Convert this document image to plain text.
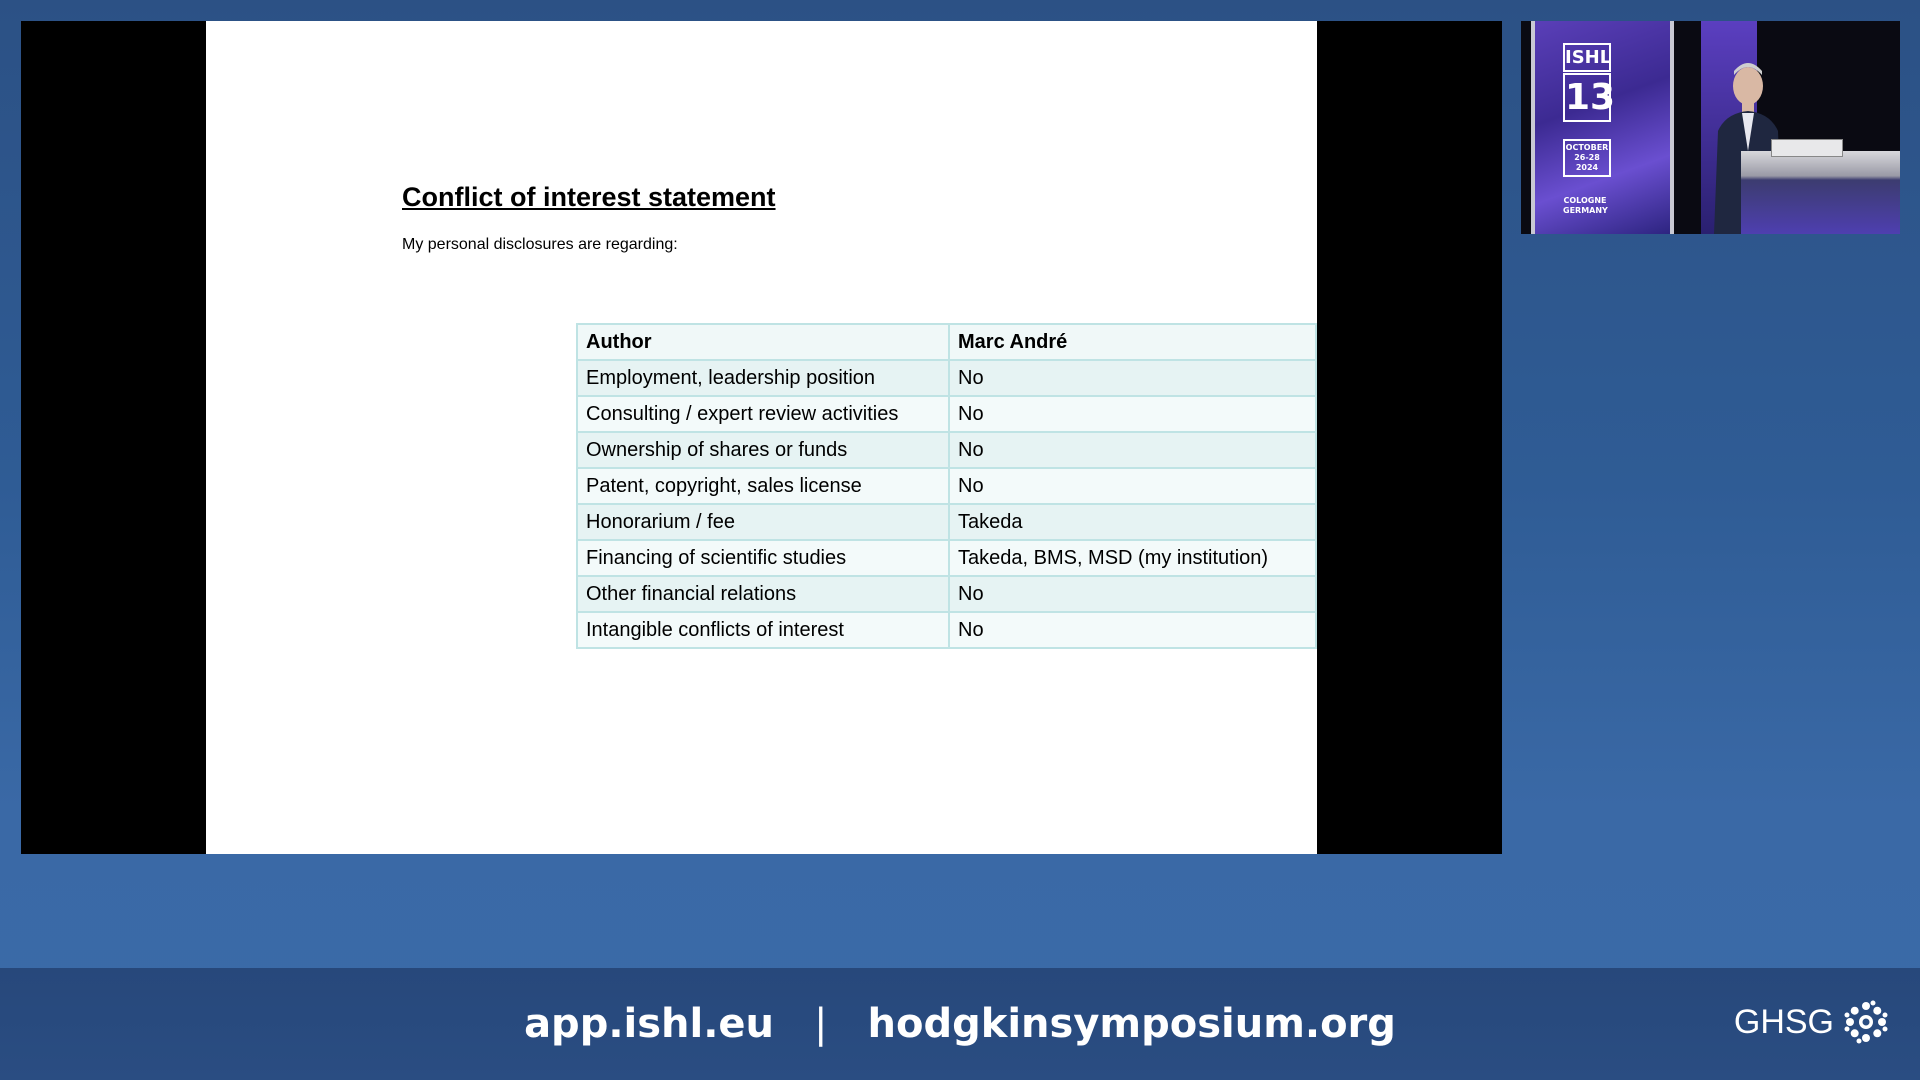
Conflict of interest statement
My personal disclosures are regarding:
Author	Marc André
Employment, leadership position	No
Consulting / expert review activities	No
Ownership of shares or funds	No
Patent, copyright, sales license	No
Honorarium / fee	Takeda
Financing of scientific studies	Takeda, BMS, MSD (my institution)
Other financial relations	No
Intangible conflicts of interest	No
ISHL
13
OCTOBER 26-28 2024
COLOGNE GERMANY
app.ishl.eu | hodgkinsymposium.org	GHSG
